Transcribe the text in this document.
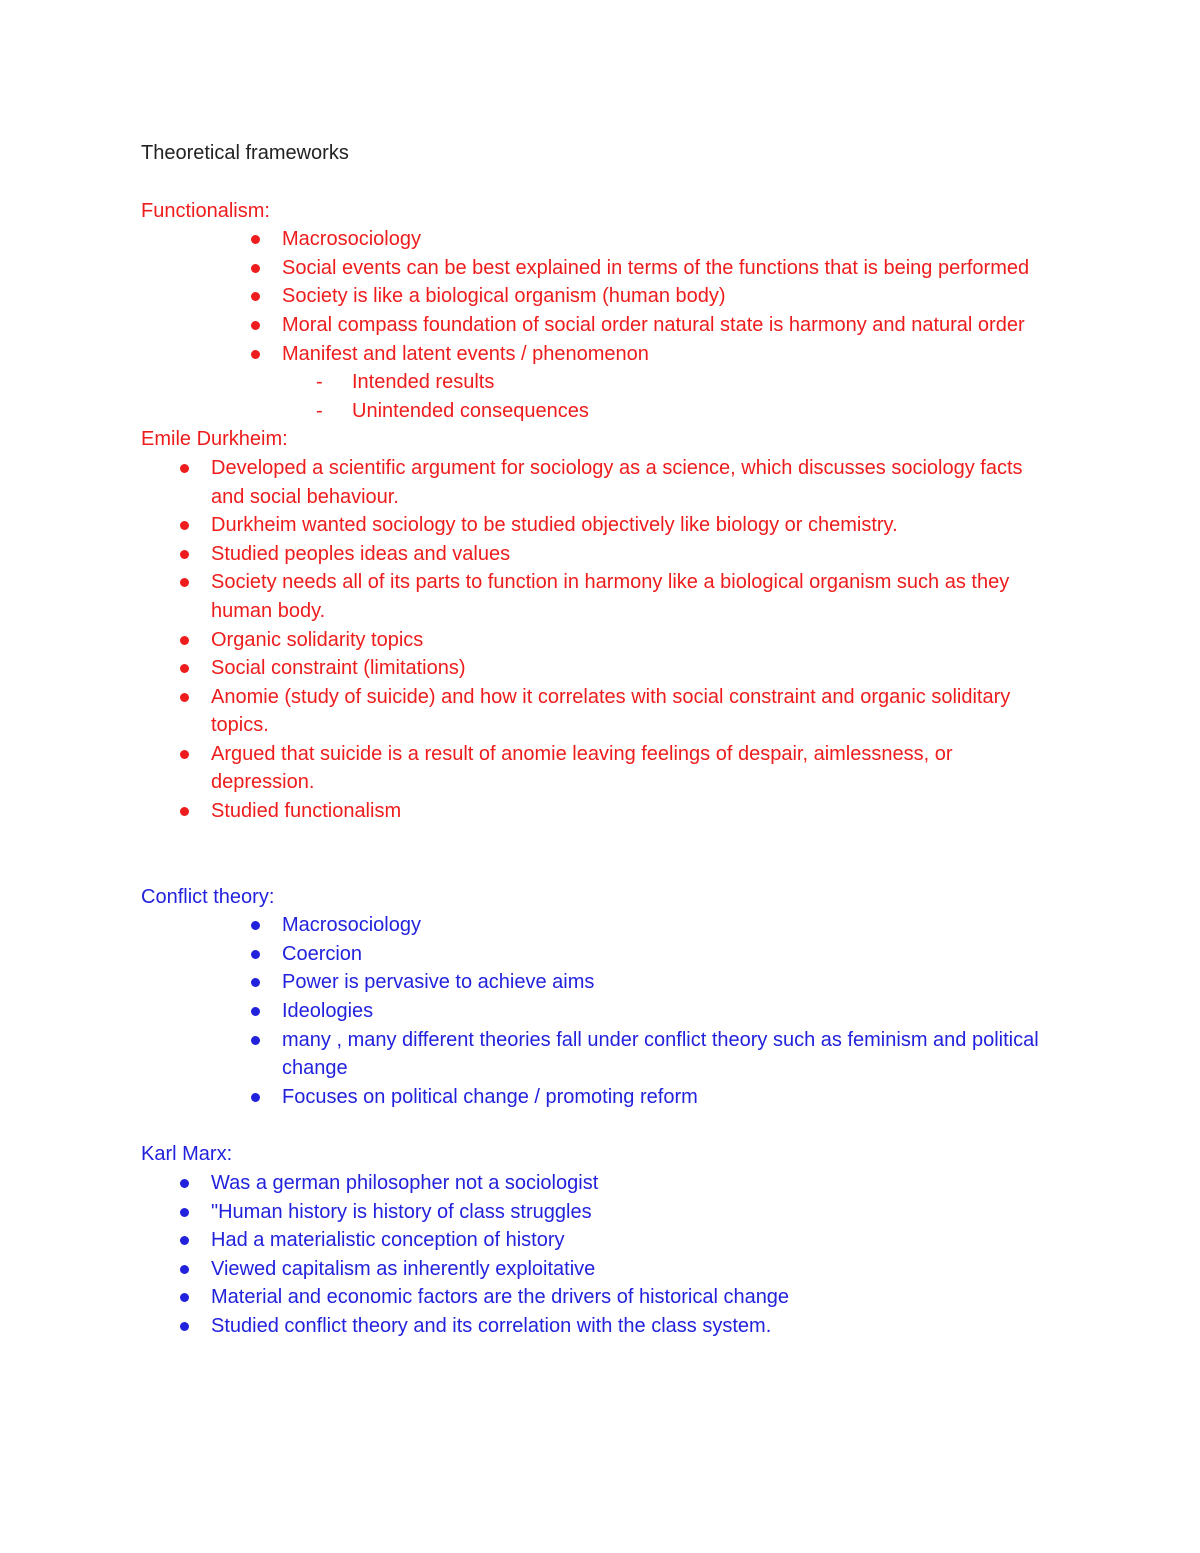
Theoretical frameworks
Functionalism:
Macrosociology
Social events can be best explained in terms of the functions that is being performed
Society is like a biological organism (human body)
Moral compass foundation of social order natural state is harmony and natural order
Manifest and latent events / phenomenon
- Intended results
- Unintended consequences
Emile Durkheim:
Developed a scientific argument for sociology as a science, which discusses sociology facts and social behaviour.
Durkheim wanted sociology to be studied objectively like biology or chemistry.
Studied peoples ideas and values
Society needs all of its parts to function in harmony like a biological organism such as they human body.
Organic solidarity topics
Social constraint (limitations)
Anomie (study of suicide) and how it correlates with social constraint and organic soliditary topics.
Argued that suicide is a result of anomie leaving feelings of despair, aimlessness, or depression.
Studied functionalism
Conflict theory:
Macrosociology
Coercion
Power is pervasive to achieve aims
Ideologies
many , many different theories fall under conflict theory such as feminism and political change
Focuses on political change / promoting reform
Karl Marx:
Was a german philosopher not a sociologist
"Human history is history of class struggles
Had a materialistic conception of history
Viewed capitalism as inherently exploitative
Material and economic factors are the drivers of historical change
Studied conflict theory and its correlation with the class system.
